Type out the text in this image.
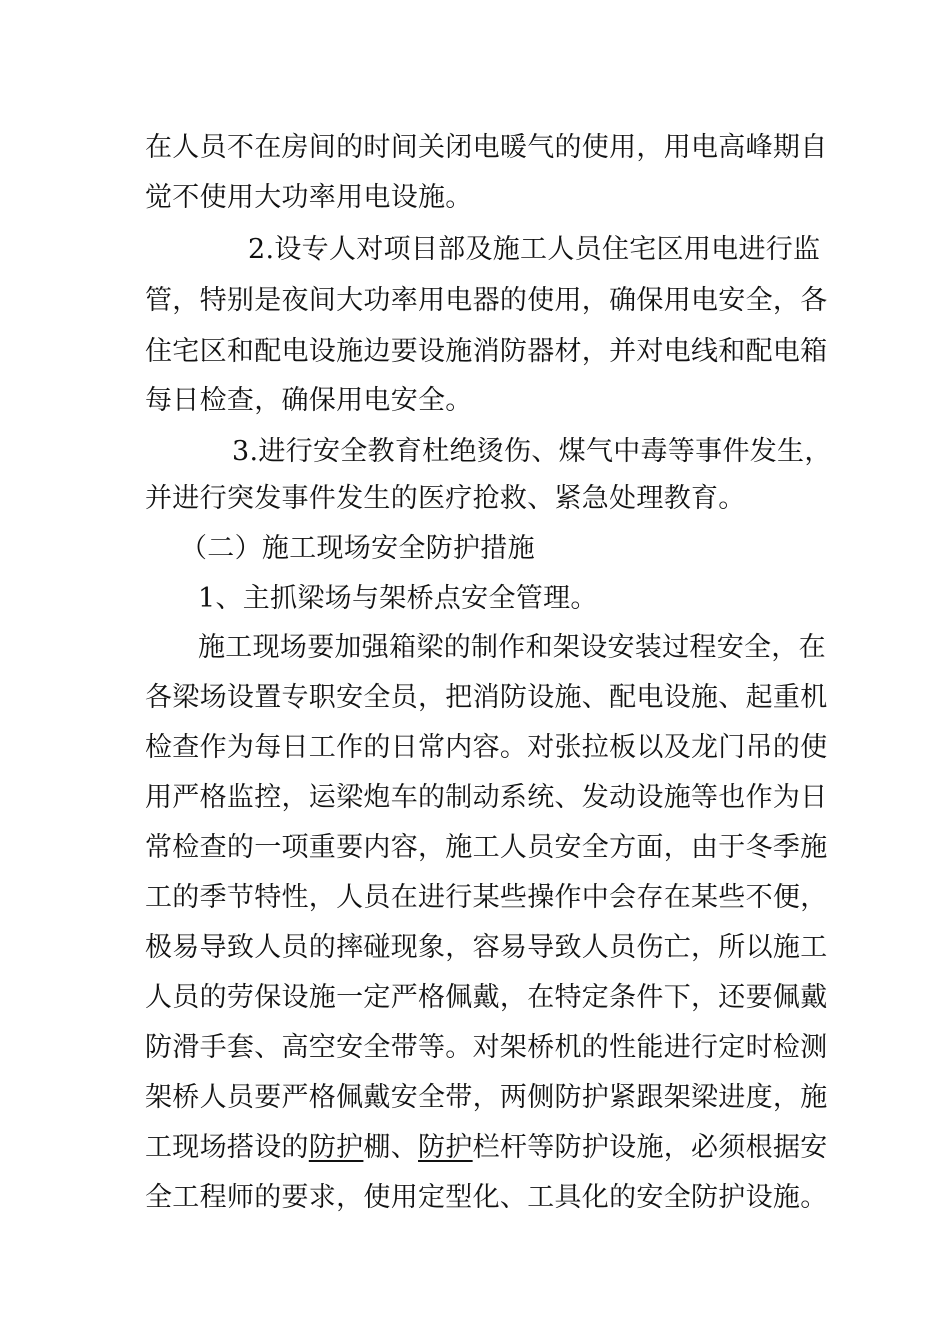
在人员不在房间的时间关闭电暖气的使用，用电高峰期自
觉不使用大功率用电设施。
2.设专人对项目部及施工人员住宅区用电进行监
管，特别是夜间大功率用电器的使用，确保用电安全，各
住宅区和配电设施边要设施消防器材，并对电线和配电箱
每日检查，确保用电安全。
3.进行安全教育杜绝烫伤、煤气中毒等事件发生，
并进行突发事件发生的医疗抢救、紧急处理教育。
（二）施工现场安全防护措施
1、主抓梁场与架桥点安全管理。
施工现场要加强箱梁的制作和架设安装过程安全，在
各梁场设置专职安全员，把消防设施、配电设施、起重机
检查作为每日工作的日常内容。对张拉板以及龙门吊的使
用严格监控，运梁炮车的制动系统、发动设施等也作为日
常检查的一项重要内容，施工人员安全方面，由于冬季施
工的季节特性，人员在进行某些操作中会存在某些不便，
极易导致人员的摔碰现象，容易导致人员伤亡，所以施工
人员的劳保设施一定严格佩戴，在特定条件下，还要佩戴
防滑手套、高空安全带等。对架桥机的性能进行定时检测
架桥人员要严格佩戴安全带，两侧防护紧跟架梁进度，施
工现场搭设的防护棚、防护栏杆等防护设施，必须根据安
全工程师的要求，使用定型化、工具化的安全防护设施。
